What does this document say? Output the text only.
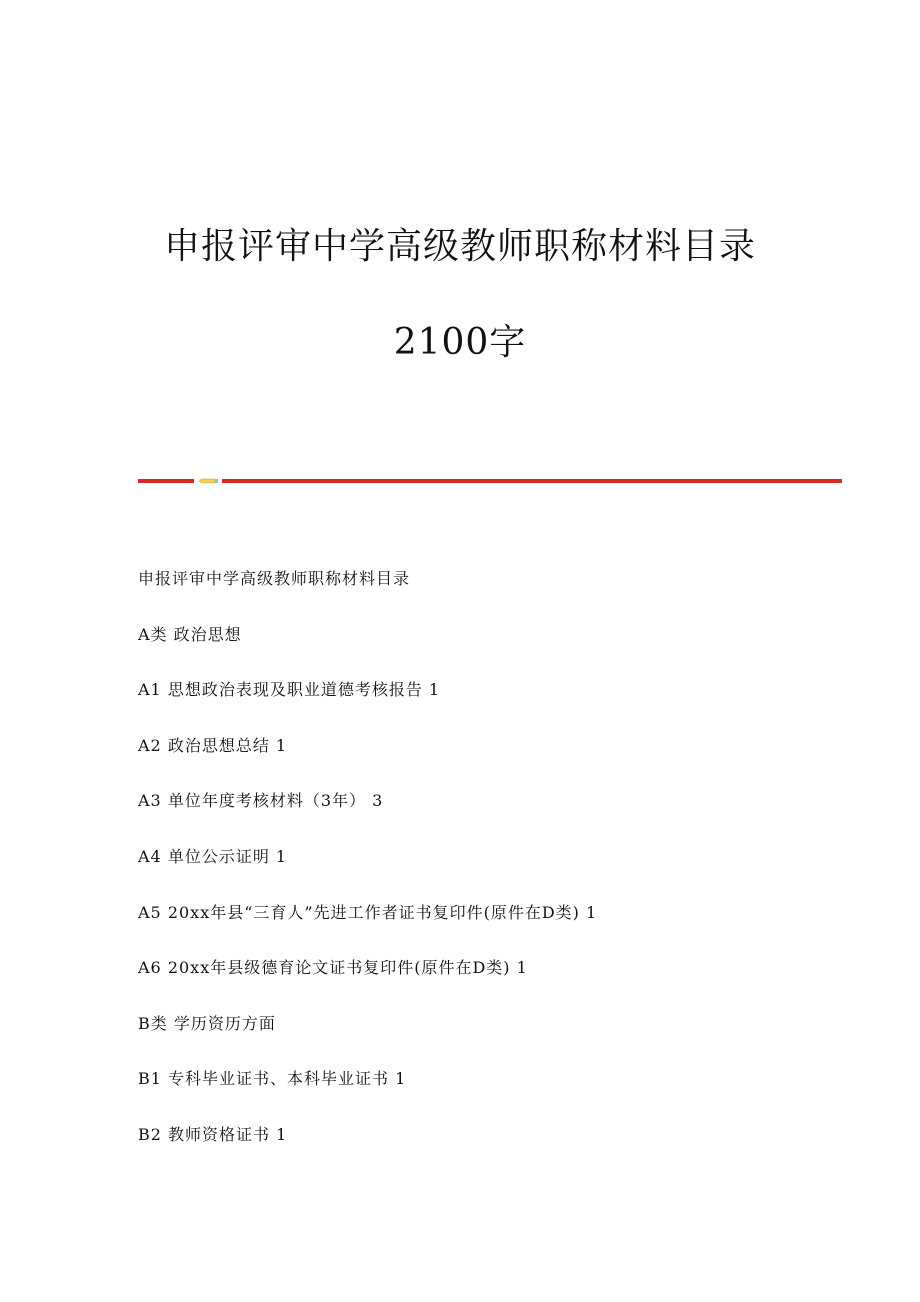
申报评审中学高级教师职称材料目录
2100字
申报评审中学高级教师职称材料目录
A类 政治思想
A1 思想政治表现及职业道德考核报告 1
A2 政治思想总结 1
A3 单位年度考核材料（3年） 3
A4 单位公示证明 1
A5 20xx年县“三育人”先进工作者证书复印件(原件在D类) 1
A6 20xx年县级德育论文证书复印件(原件在D类) 1
B类 学历资历方面
B1 专科毕业证书、本科毕业证书 1
B2 教师资格证书 1
